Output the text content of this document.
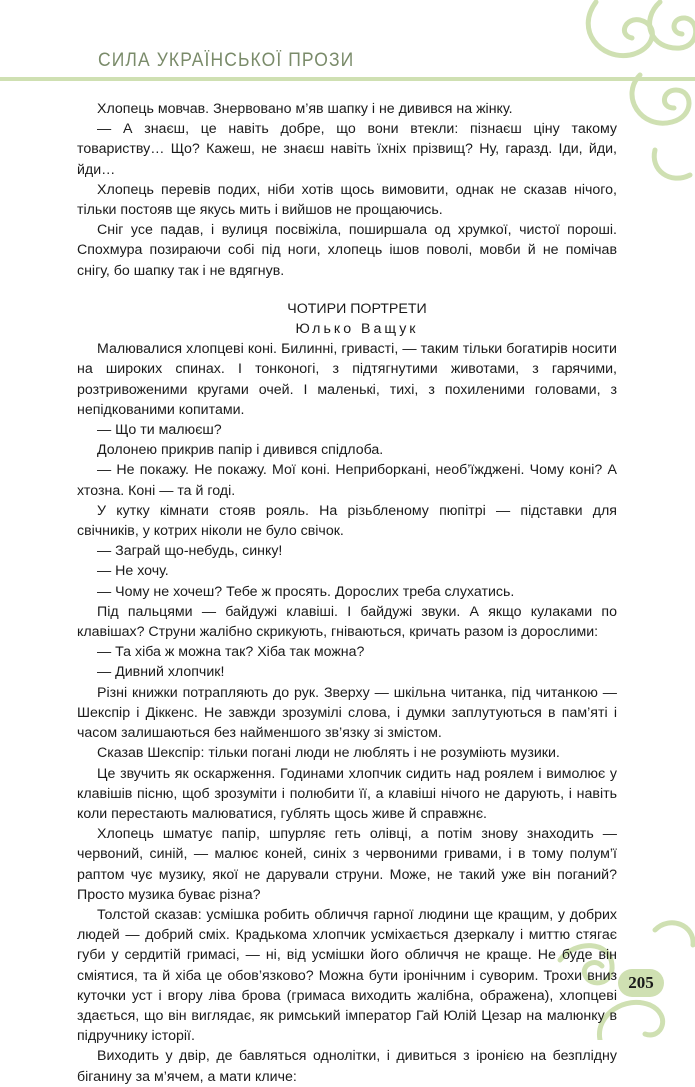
СИЛА УКРАЇНСЬКОЇ ПРОЗИ

Хлопець мовчав. Знервовано м’яв шапку і не дивився на жінку.

— А знаєш, це навіть добре, що вони втекли: пізнаєш ціну такому товариству… Що? Кажеш, не знаєш навіть їхніх прізвищ? Ну, гаразд. Іди, йди, йди…

Хлопець перевів подих, ніби хотів щось вимовити, однак не сказав нічого, тільки постояв ще якусь мить і вийшов не прощаючись.

Сніг усе падав, і вулиця посвіжіла, поширшала од хрумкої, чистої пороші. Спохмура позираючи собі під ноги, хлопець ішов поволі, мовби й не помічав снігу, бо шапку так і не вдягнув.

ЧОТИРИ ПОРТРЕТИ

Юлько Ващук

Малювалися хлопцеві коні. Билинні, гриваcті, — таким тільки богатирів носити на широких спинах. І тонконогі, з підтягнутими животами, з гарячими, розтривоженими кругами очей. І маленькі, тихі, з похиленими головами, з непідкованими копитами.

— Що ти малюєш?

Долонею прикрив папір і дивився спідлоба.

— Не покажу. Не покажу. Мої коні. Неприборкані, необ’їжджені. Чому коні? А хтозна. Коні — та й годі.

У кутку кімнати стояв рояль. На різьбленому пюпітрі — підставки для свічників, у котрих ніколи не було свічок.

— Заграй що-небудь, синку!

— Не хочу.

— Чому не хочеш? Тебе ж просять. Дорослих треба слухатись.

Під пальцями — байдужі клавіші. І байдужі звуки. А якщо кулаками по клавішах? Струни жалібно скрикують, гніваються, кричать разом із дорослими:

— Та хіба ж можна так? Хіба так можна?

— Дивний хлопчик!

Різні книжки потрапляють до рук. Зверху — шкільна читанка, під читанкою — Шекспір і Діккенс. Не завжди зрозумілі слова, і думки заплутуються в пам’яті і часом залишаються без найменшого зв’язку зі змістом.

Сказав Шекспір: тільки погані люди не люблять і не розуміють музики.

Це звучить як оскарження. Годинами хлопчик сидить над роялем і вимолює у клавішів пісню, щоб зрозуміти і полюбити її, а клавіші нічого не дарують, і навіть коли перестають малюватися, гублять щось живе й справжнє.

Хлопець шматує папір, шпурляє геть олівці, а потім знову знаходить — червоний, синій, — малює коней, синіх з червоними гривами, і в тому полум’ї раптом чує музику, якої не дарували струни. Може, не такий уже він поганий? Просто музика буває різна?

Толстой сказав: усмішка робить обличчя гарної людини ще кращим, у добрих людей — добрий сміх. Крадькома хлопчик усміхається дзеркалу і миттю стягає губи у сердитій гримасі, — ні, від усмішки його обличчя не краще. Не буде він сміятися, та й хіба це обов’язково? Можна бути іронічним і суворим. Трохи вниз куточки уст і вгору ліва брова (гримаса виходить жалібна, ображена), хлопцеві здається, що він виглядає, як римський імператор Гай Юлій Цезар на малюнку в підручнику історії.

Виходить у двір, де бавляться однолітки, і дивиться з іронією на безплідну біганину за м’ячем, а мати кличе:

205
